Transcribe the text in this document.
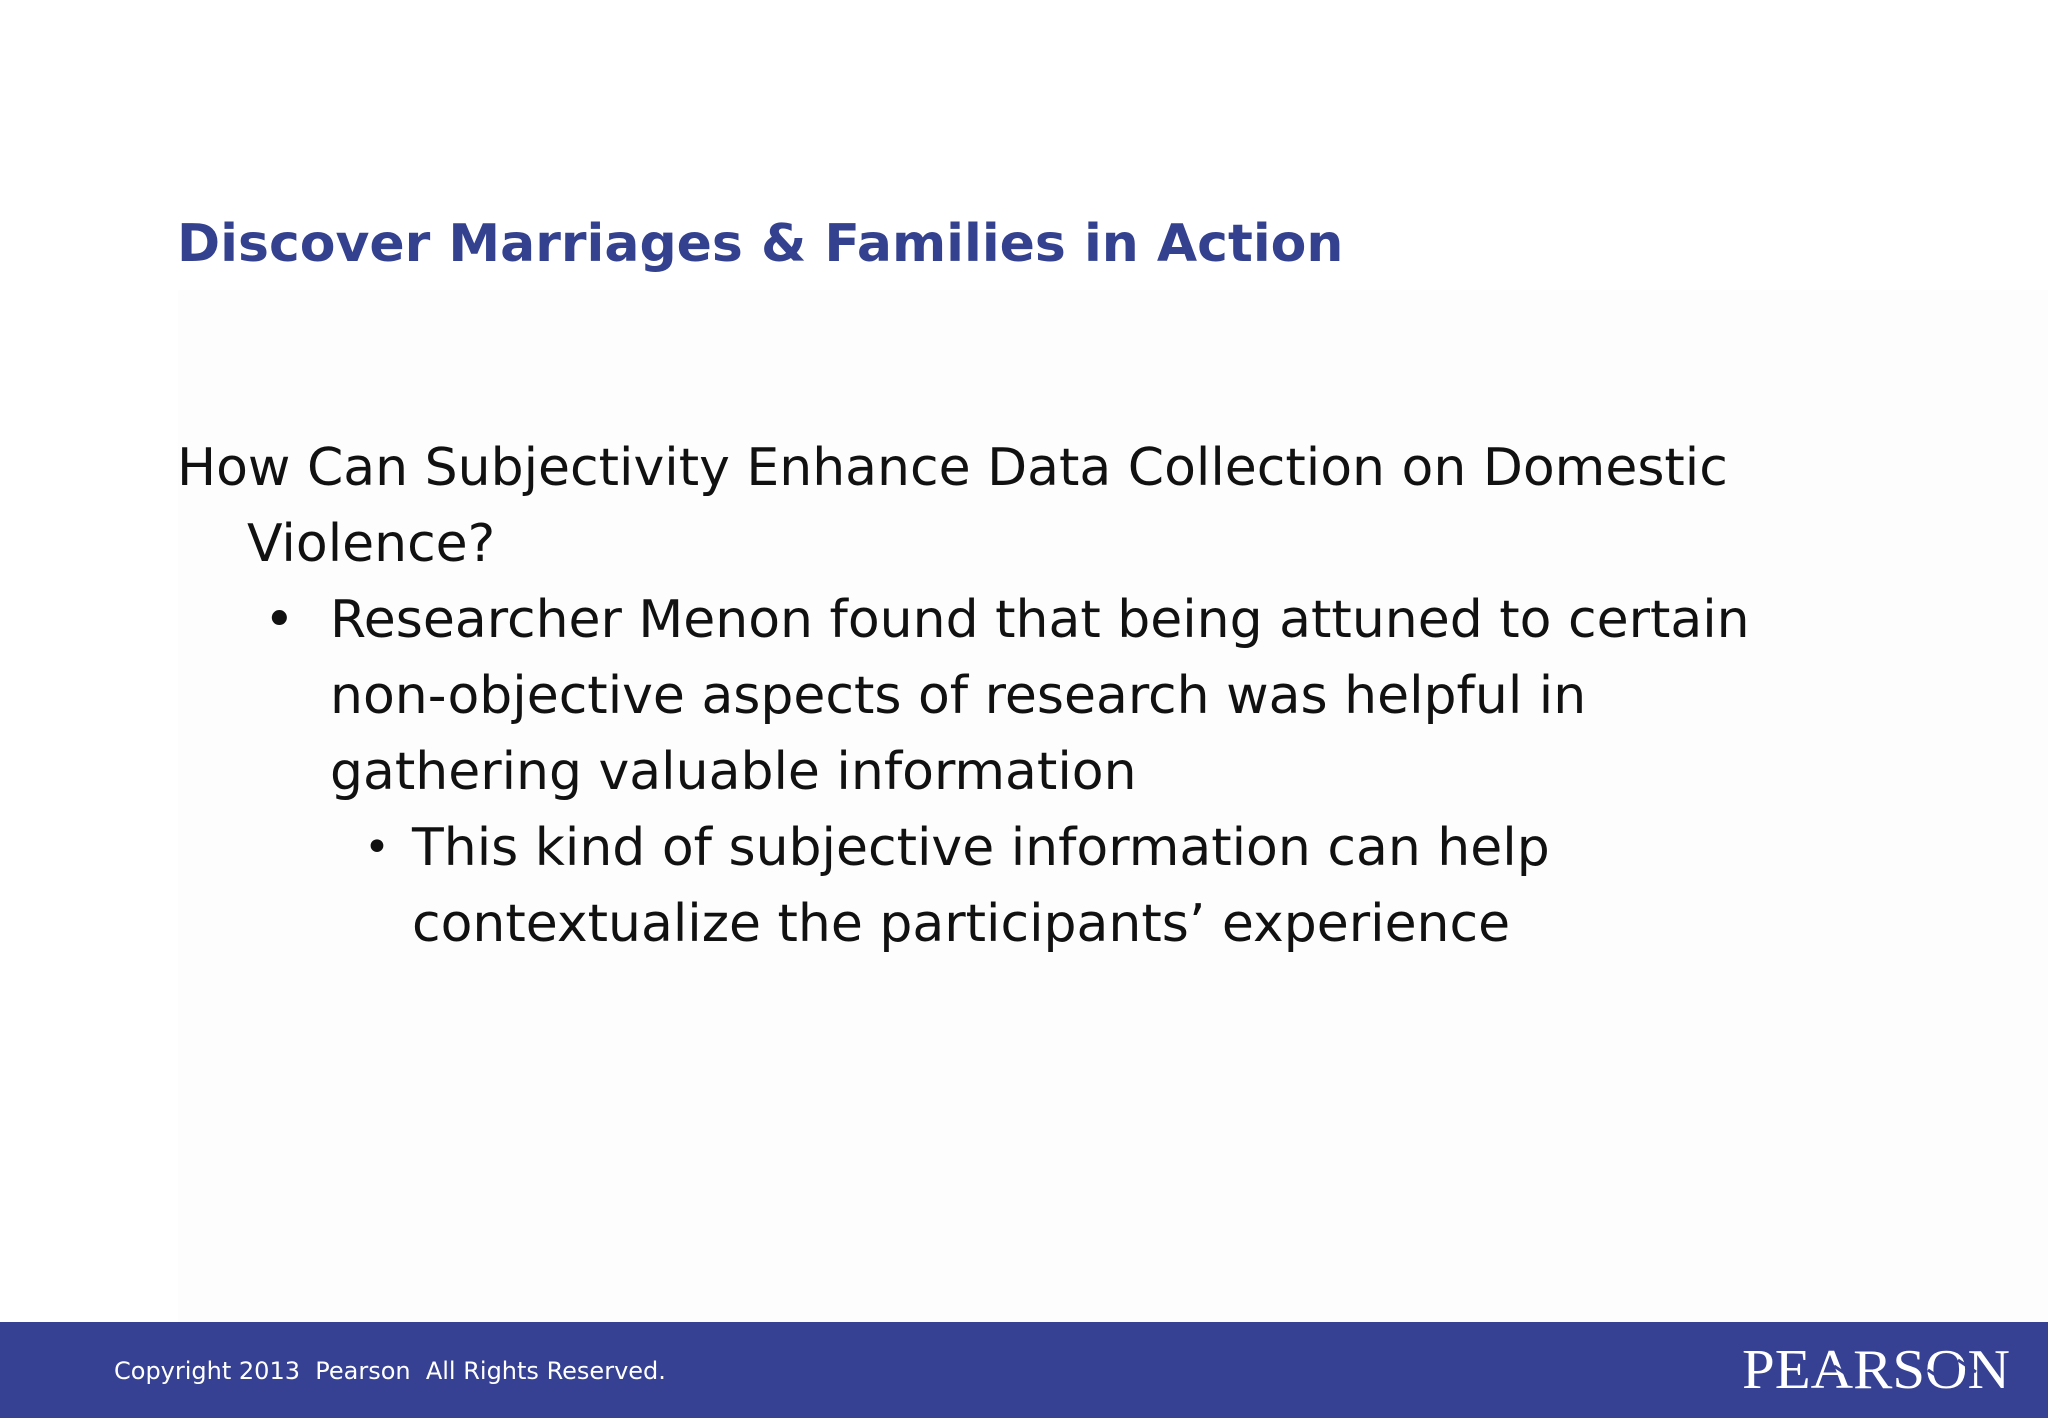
Discover Marriages & Families in Action

How Can Subjectivity Enhance Data Collection on Domestic Violence?

• Researcher Menon found that being attuned to certain non-objective aspects of research was helpful in gathering valuable information
• This kind of subjective information can help contextualize the participants’ experience
Copyright 2013  Pearson  All Rights Reserved.	PEARSON
